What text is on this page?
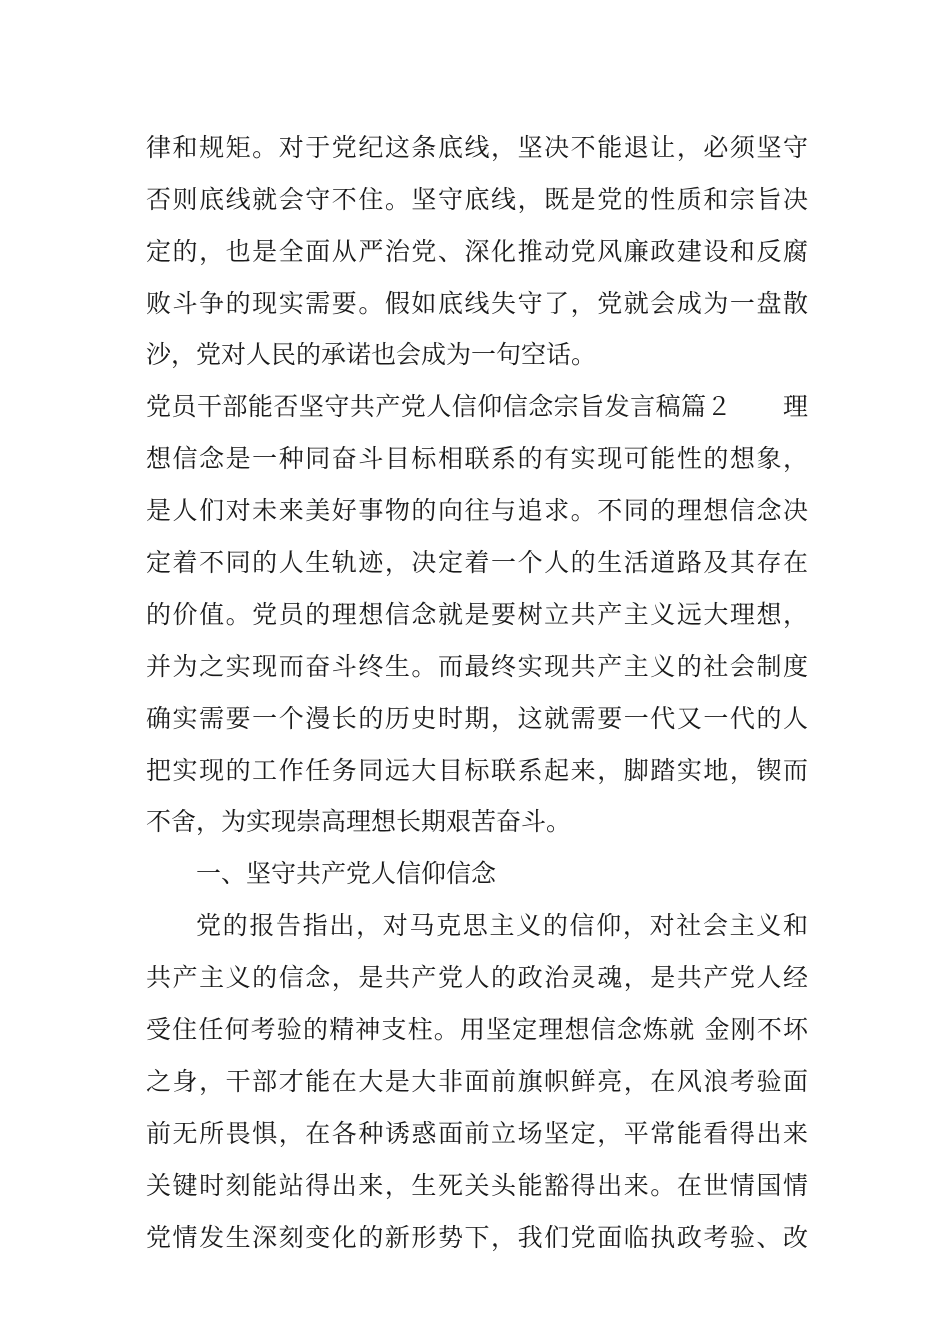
律和规矩。对于党纪这条底线，坚决不能退让，必须坚守
否则底线就会守不住。坚守底线，既是党的性质和宗旨决
定的，也是全面从严治党、深化推动党风廉政建设和反腐
败斗争的现实需要。假如底线失守了，党就会成为一盘散
沙，党对人民的承诺也会成为一句空话。
党员干部能否坚守共产党人信仰信念宗旨发言稿篇２　　理
想信念是一种同奋斗目标相联系的有实现可能性的想象，
是人们对未来美好事物的向往与追求。不同的理想信念决
定着不同的人生轨迹，决定着一个人的生活道路及其存在
的价值。党员的理想信念就是要树立共产主义远大理想，
并为之实现而奋斗终生。而最终实现共产主义的社会制度
确实需要一个漫长的历史时期，这就需要一代又一代的人
把实现的工作任务同远大目标联系起来，脚踏实地，锲而
不舍，为实现崇高理想长期艰苦奋斗。
一、坚守共产党人信仰信念
党的报告指出，对马克思主义的信仰，对社会主义和
共产主义的信念，是共产党人的政治灵魂，是共产党人经
受住任何考验的精神支柱。用坚定理想信念炼就 金刚不坏
之身，干部才能在大是大非面前旗帜鲜亮，在风浪考验面
前无所畏惧，在各种诱惑面前立场坚定，平常能看得出来
关键时刻能站得出来，生死关头能豁得出来。在世情国情
党情发生深刻变化的新形势下，我们党面临执政考验、改
